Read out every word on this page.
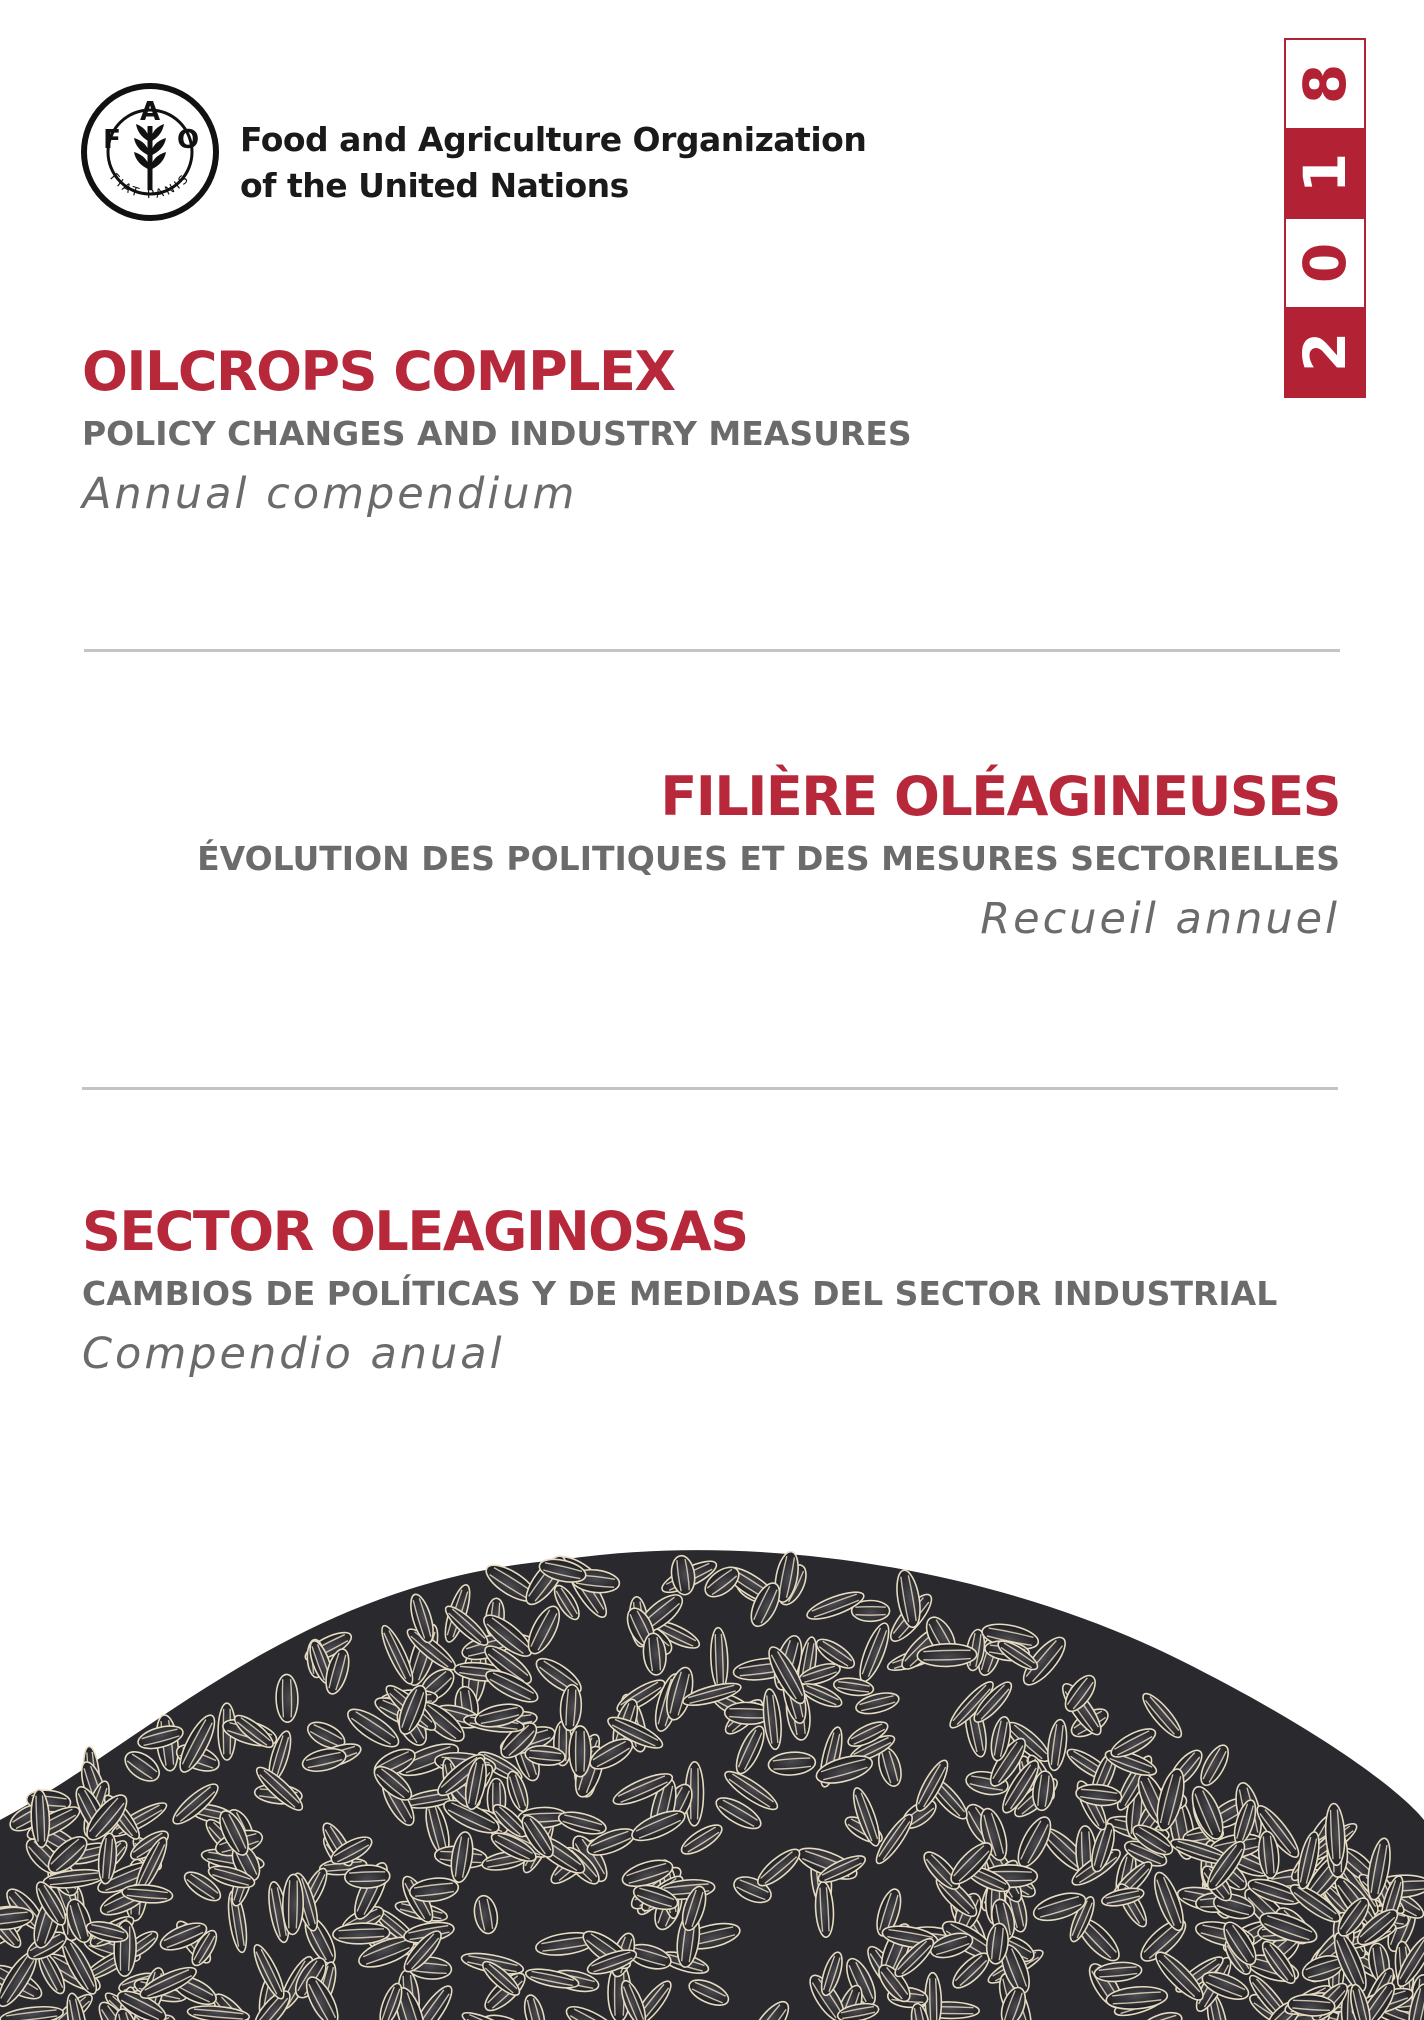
F
A
O
FIAT PANIS
Food and Agriculture Organization
of the United Nations
2
0
1
8
OILCROPS COMPLEX
POLICY CHANGES AND INDUSTRY MEASURES
Annual compendium
FILIÈRE OLÉAGINEUSES
ÉVOLUTION DES POLITIQUES ET DES MESURES SECTORIELLES
Recueil annuel
SECTOR OLEAGINOSAS
CAMBIOS DE POLÍTICAS Y DE MEDIDAS DEL SECTOR INDUSTRIAL
Compendio anual
